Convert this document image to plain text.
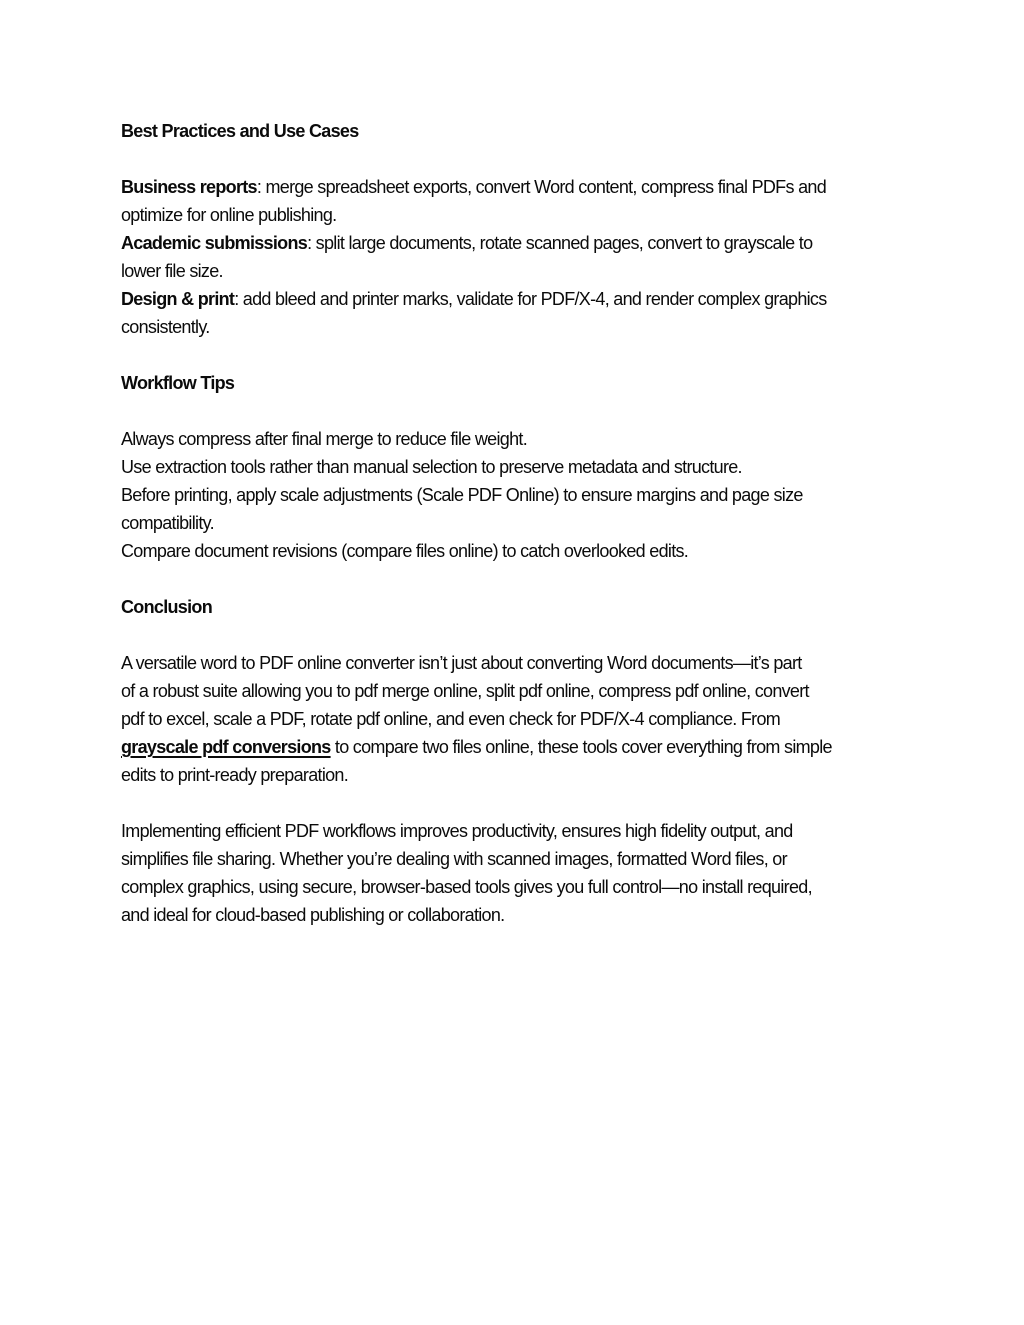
Best Practices and Use Cases
Business reports: merge spreadsheet exports, convert Word content, compress final PDFs and
optimize for online publishing.
Academic submissions: split large documents, rotate scanned pages, convert to grayscale to
lower file size.
Design & print: add bleed and printer marks, validate for PDF/X-4, and render complex graphics
consistently.
Workflow Tips
Always compress after final merge to reduce file weight.
Use extraction tools rather than manual selection to preserve metadata and structure.
Before printing, apply scale adjustments (Scale PDF Online) to ensure margins and page size
compatibility.
Compare document revisions (compare files online) to catch overlooked edits.
Conclusion
A versatile word to PDF online converter isn’t just about converting Word documents—it’s part
of a robust suite allowing you to pdf merge online, split pdf online, compress pdf online, convert
pdf to excel, scale a PDF, rotate pdf online, and even check for PDF/X-4 compliance. From
grayscale pdf conversions to compare two files online, these tools cover everything from simple
edits to print-ready preparation.
Implementing efficient PDF workflows improves productivity, ensures high fidelity output, and
simplifies file sharing. Whether you’re dealing with scanned images, formatted Word files, or
complex graphics, using secure, browser-based tools gives you full control—no install required,
and ideal for cloud-based publishing or collaboration.
